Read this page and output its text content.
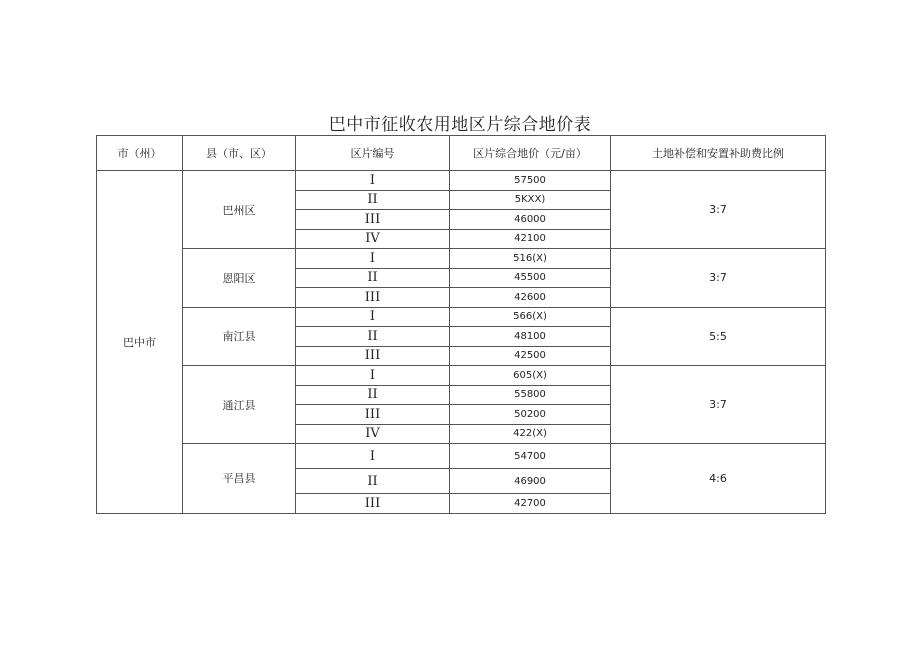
巴中市征收农用地区片综合地价表
市（州）	县（市、区）	区片编号	区片综合地价（元/亩）	土地补偿和安置补助费比例
巴中市	巴州区	I	57500	3:7
		II	5KXX)	
		III	46000	
		IV	42100	
	恩阳区	I	516(X)	3:7
		II	45500	
		III	42600	
	南江县	I	566(X)	5:5
		II	48100	
		III	42500	
	通江县	I	605(X)	3:7
		II	55800	
		III	50200	
		IV	422(X)	
	平昌县	I	54700	4:6
		II	46900	
		III	42700	
